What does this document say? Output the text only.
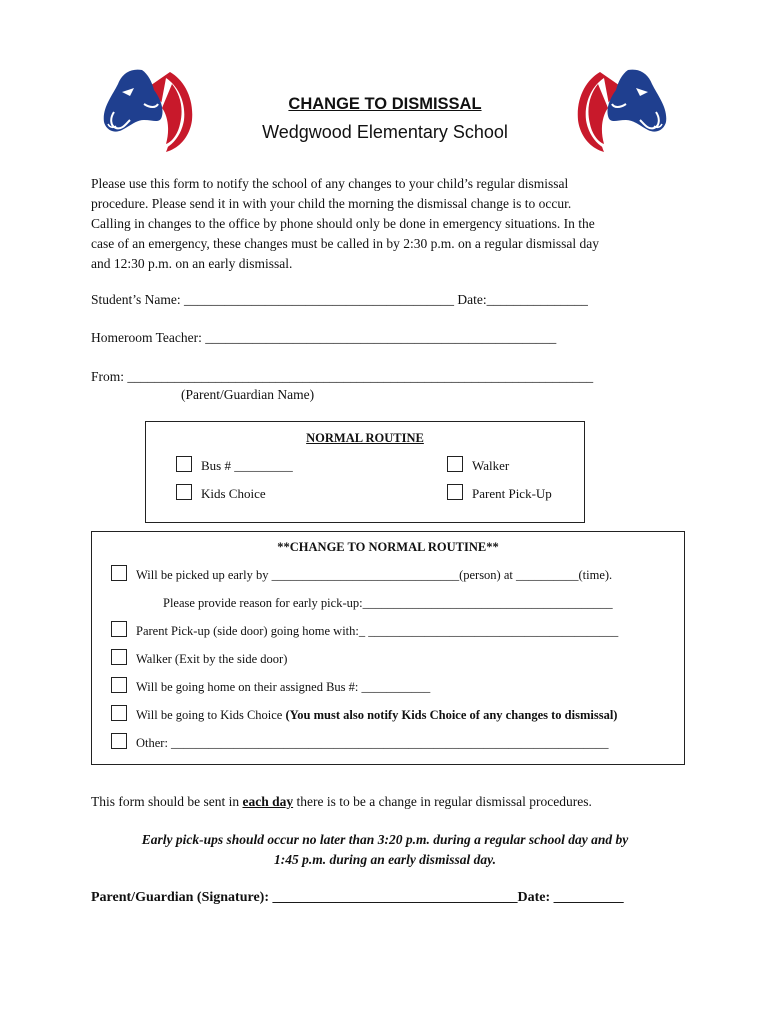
CHANGE TO DISMISSAL
Wedgwood Elementary School
Please use this form to notify the school of any changes to your child’s regular dismissal
procedure. Please send it in with your child the morning the dismissal change is to occur.
Calling in changes to the office by phone should only be done in emergency situations. In the
case of an emergency, these changes must be called in by 2:30 p.m. on a regular dismissal day
and 12:30 p.m. on an early dismissal.
Student’s Name: ________________________________________ Date:_______________
Homeroom Teacher: ____________________________________________________
From: _____________________________________________________________________
(Parent/Guardian Name)
NORMAL ROUTINE
Bus # _________	Walker
Kids Choice	Parent Pick-Up
**CHANGE TO NORMAL ROUTINE**
Will be picked up early by ______________________________(person) at __________(time).
Please provide reason for early pick-up:________________________________________
Parent Pick-up (side door) going home with:_ ________________________________________
Walker (Exit by the side door)
Will be going home on their assigned Bus #: ___________
Will be going to Kids Choice (You must also notify Kids Choice of any changes to dismissal)
Other: ______________________________________________________________________
This form should be sent in each day there is to be a change in regular dismissal procedures.
Early pick-ups should occur no later than 3:20 p.m. during a regular school day and by
1:45 p.m. during an early dismissal day.
Parent/Guardian (Signature): ___________________________________Date: __________
